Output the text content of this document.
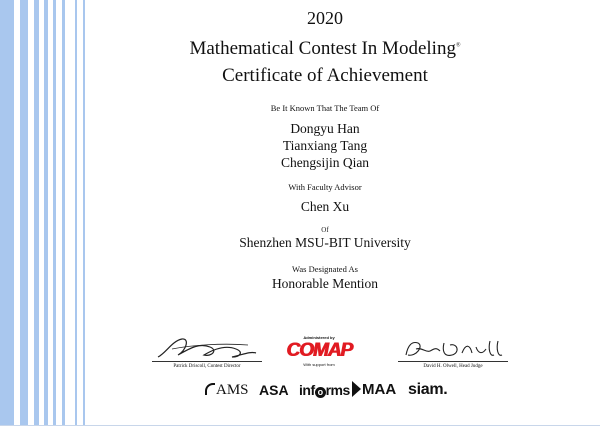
2020
Mathematical Contest In Modeling®
Certificate of Achievement
Be It Known That The Team Of
Dongyu Han
Tianxiang Tang
Chengsijin Qian
With Faculty Advisor
Chen Xu
Of
Shenzhen MSU-BIT University
Was Designated As
Honorable Mention
Patrick Driscoll, Contest Director
Administered by
COMAP
With support from	David H. Olwell, Head Judge
AMS ASA inf o rms MAA siam.
